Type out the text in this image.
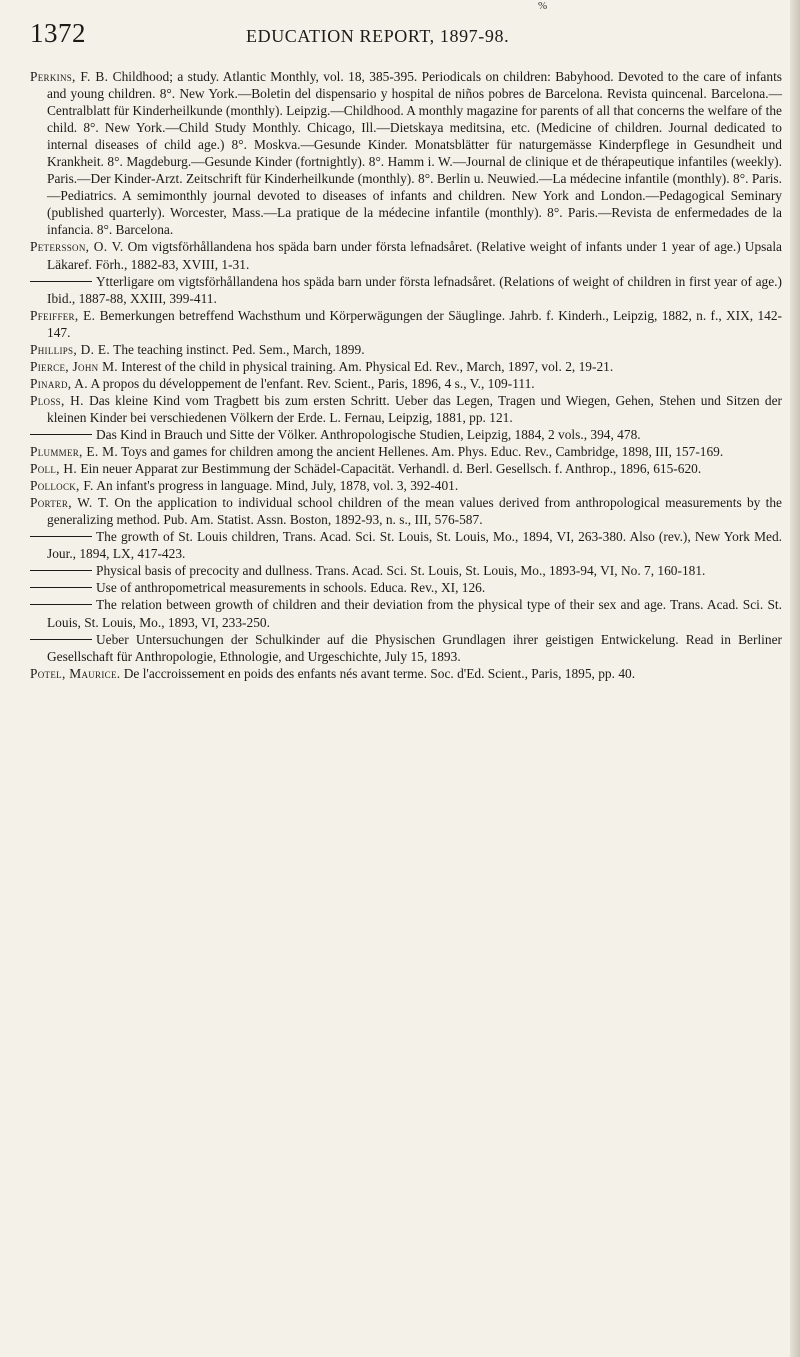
%
1372	EDUCATION REPORT, 1897-98.

Perkins, F. B. Childhood; a study. Atlantic Monthly, vol. 18, 385-395. Periodicals on children: Babyhood. Devoted to the care of infants and young children. 8°. New York.—Boletin del dispensario y hospital de niños pobres de Barcelona. Revista quincenal. Barcelona.—Centralblatt für Kinderheilkunde (monthly). Leipzig.—Childhood. A monthly magazine for parents of all that concerns the welfare of the child. 8°. New York.—Child Study Monthly. Chicago, Ill.—Dietskaya meditsina, etc. (Medicine of children. Journal dedicated to internal diseases of child age.) 8°. Moskva.—Gesunde Kinder. Monatsblätter für naturgemässe Kinderpflege in Gesundheit und Krankheit. 8°. Magdeburg.—Gesunde Kinder (fortnightly). 8°. Hamm i. W.—Journal de clinique et de thérapeutique infantiles (weekly). Paris.—Der Kinder-Arzt. Zeitschrift für Kinderheilkunde (monthly). 8°. Berlin u. Neuwied.—La médecine infantile (monthly). 8°. Paris.—Pediatrics. A semimonthly journal devoted to diseases of infants and children. New York and London.—Pedagogical Seminary (published quarterly). Worcester, Mass.—La pratique de la médecine infantile (monthly). 8°. Paris.—Revista de enfermedades de la infancia. 8°. Barcelona.

Petersson, O. V. Om vigtsförhållandena hos späda barn under första lefnadsåret. (Relative weight of infants under 1 year of age.) Upsala Läkaref. Förh., 1882-83, XVIII, 1-31.

Ytterligare om vigtsförhållandena hos späda barn under första lefnadsåret. (Relations of weight of children in first year of age.) Ibid., 1887-88, XXIII, 399-411.

Pfeiffer, E. Bemerkungen betreffend Wachsthum und Körperwägungen der Säuglinge. Jahrb. f. Kinderh., Leipzig, 1882, n. f., XIX, 142-147.

Phillips, D. E. The teaching instinct. Ped. Sem., March, 1899.

Pierce, John M. Interest of the child in physical training. Am. Physical Ed. Rev., March, 1897, vol. 2, 19-21.

Pinard, A. A propos du développement de l'enfant. Rev. Scient., Paris, 1896, 4 s., V., 109-111.

Ploss, H. Das kleine Kind vom Tragbett bis zum ersten Schritt. Ueber das Legen, Tragen und Wiegen, Gehen, Stehen und Sitzen der kleinen Kinder bei verschiedenen Völkern der Erde. L. Fernau, Leipzig, 1881, pp. 121.

Das Kind in Brauch und Sitte der Völker. Anthropologische Studien, Leipzig, 1884, 2 vols., 394, 478.

Plummer, E. M. Toys and games for children among the ancient Hellenes. Am. Phys. Educ. Rev., Cambridge, 1898, III, 157-169.

Poll, H. Ein neuer Apparat zur Bestimmung der Schädel-Capacität. Verhandl. d. Berl. Gesellsch. f. Anthrop., 1896, 615-620.

Pollock, F. An infant's progress in language. Mind, July, 1878, vol. 3, 392-401.

Porter, W. T. On the application to individual school children of the mean values derived from anthropological measurements by the generalizing method. Pub. Am. Statist. Assn. Boston, 1892-93, n. s., III, 576-587.

The growth of St. Louis children, Trans. Acad. Sci. St. Louis, St. Louis, Mo., 1894, VI, 263-380. Also (rev.), New York Med. Jour., 1894, LX, 417-423.

Physical basis of precocity and dullness. Trans. Acad. Sci. St. Louis, St. Louis, Mo., 1893-94, VI, No. 7, 160-181.

Use of anthropometrical measurements in schools. Educa. Rev., XI, 126.

The relation between growth of children and their deviation from the physical type of their sex and age. Trans. Acad. Sci. St. Louis, St. Louis, Mo., 1893, VI, 233-250.

Ueber Untersuchungen der Schulkinder auf die Physischen Grundlagen ihrer geistigen Entwickelung. Read in Berliner Gesellschaft für Anthropologie, Ethnologie, and Urgeschichte, July 15, 1893.

Potel, Maurice. De l'accroissement en poids des enfants nés avant terme. Soc. d'Ed. Scient., Paris, 1895, pp. 40.
